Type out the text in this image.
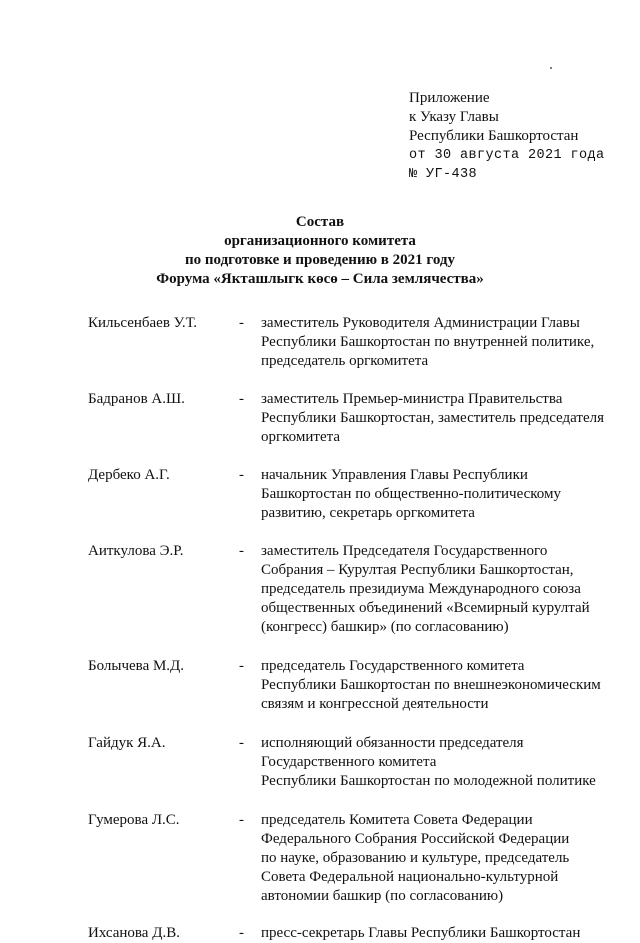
Приложение
к Указу Главы
Республики Башкортостан
от 30 августа 2021 года
№ УГ-438
Состав
организационного комитета
по подготовке и проведению в 2021 году
Форума «Якташлыгк көсө – Сила землячества»
Кильсенбаев У.Т.	-	заместитель Руководителя Администрации Главы
Республики Башкортостан по внутренней политике,
председатель оргкомитета
Бадранов А.Ш.	-	заместитель Премьер-министра Правительства
Республики Башкортостан, заместитель председателя
оргкомитета
Дербеко А.Г.	-	начальник Управления Главы Республики
Башкортостан по общественно-политическому
развитию, секретарь оргкомитета
Аиткулова Э.Р.	-	заместитель Председателя Государственного
Собрания – Курултая Республики Башкортостан,
председатель президиума Международного союза
общественных объединений «Всемирный курултай
(конгресс) башкир» (по согласованию)
Болычева М.Д.	-	председатель Государственного комитета
Республики Башкортостан по внешнеэкономическим
связям и конгрессной деятельности
Гайдук Я.А.	-	исполняющий обязанности председателя
Государственного комитета
Республики Башкортостан по молодежной политике
Гумерова Л.С.	-	председатель Комитета Совета Федерации
Федерального Собрания Российской Федерации
по науке, образованию и культуре, председатель
Совета Федеральной национально-культурной
автономии башкир (по согласованию)
Ихсанова Д.В.	-	пресс-секретарь Главы Республики Башкортостан
